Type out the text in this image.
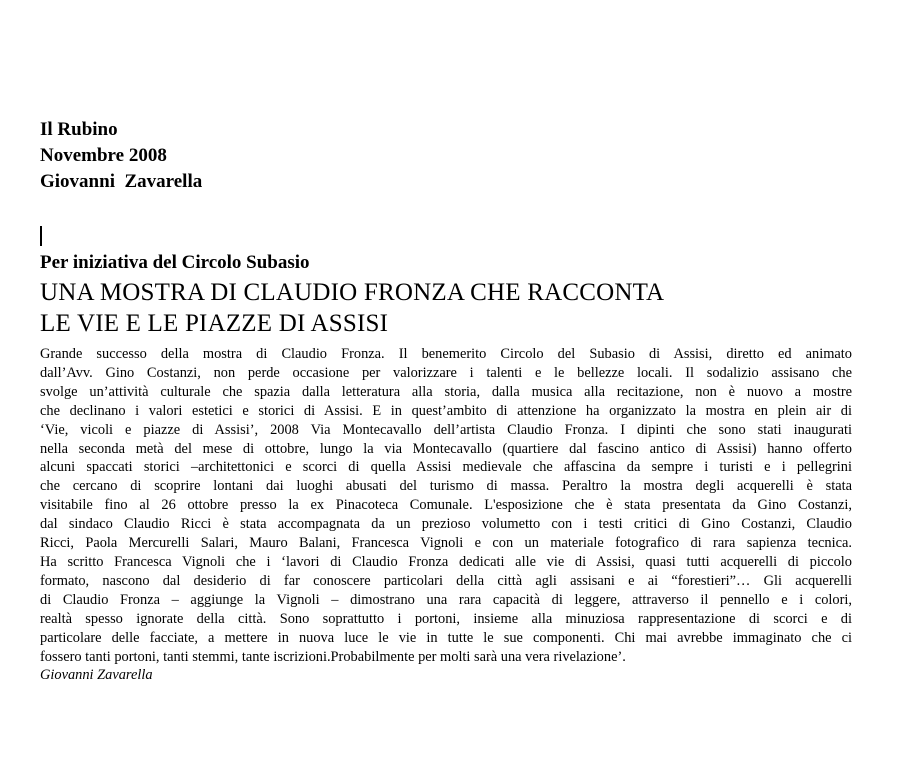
Il Rubino
Novembre 2008
Giovanni  Zavarella
Per iniziativa del Circolo Subasio
UNA MOSTRA DI CLAUDIO FRONZA CHE RACCONTA
LE VIE E LE PIAZZE DI ASSISI
Grande successo della mostra di Claudio Fronza. Il benemerito Circolo del Subasio di Assisi, diretto ed animato
dall’Avv. Gino Costanzi, non perde occasione per valorizzare i talenti e le bellezze locali. Il sodalizio assisano che
svolge un’attività culturale che spazia dalla letteratura alla storia, dalla musica alla recitazione, non è nuovo a mostre
che declinano i valori estetici e storici di Assisi. E in quest’ambito di attenzione ha organizzato la mostra en plein air di
‘Vie, vicoli e piazze di Assisi’, 2008 Via Montecavallo dell’artista Claudio Fronza. I dipinti che sono stati inaugurati
nella seconda metà del mese di ottobre, lungo la via Montecavallo (quartiere dal fascino antico di Assisi) hanno offerto
alcuni spaccati storici –architettonici e scorci di quella Assisi medievale che affascina da sempre i turisti e i pellegrini
che cercano di scoprire lontani dai luoghi abusati del turismo di massa. Peraltro la mostra degli acquerelli è stata
visitabile fino al 26 ottobre presso la ex Pinacoteca Comunale. L'esposizione che è stata presentata da Gino Costanzi,
dal sindaco Claudio Ricci è stata accompagnata da un prezioso volumetto con i testi critici di Gino Costanzi, Claudio
Ricci, Paola Mercurelli Salari, Mauro Balani, Francesca Vignoli e con un materiale fotografico di rara sapienza tecnica.
Ha scritto Francesca Vignoli che i ‘lavori di Claudio Fronza dedicati alle vie di Assisi, quasi tutti acquerelli di piccolo
formato, nascono dal desiderio di far conoscere particolari della città agli assisani e ai “forestieri”… Gli acquerelli
di Claudio Fronza – aggiunge la Vignoli – dimostrano una rara capacità di leggere, attraverso il pennello e i colori,
realtà spesso ignorate della città. Sono soprattutto i portoni, insieme alla minuziosa rappresentazione di scorci e di
particolare delle facciate, a mettere in nuova luce le vie in tutte le sue componenti. Chi mai avrebbe immaginato che ci
fossero tanti portoni, tanti stemmi, tante iscrizioni.Probabilmente per molti sarà una vera rivelazione’.
Giovanni Zavarella
